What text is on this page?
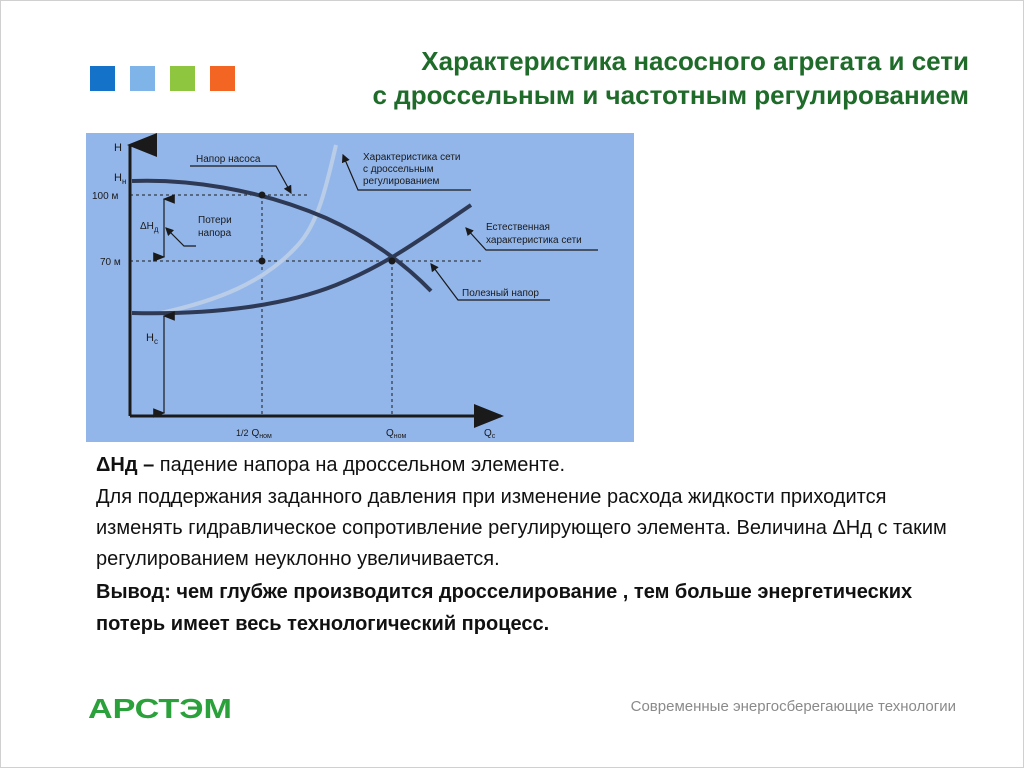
Характеристика насосного агрегата и сети
с дроссельным и частотным регулированием
H
$H_н$
100 м
70 м
$\Delta H_д$
$H_с$
1/2 $Q_{ном}$	$Q_{ном}$	$Q_с$
Напор насоса
Потери напора
Характеристика сети с дроссельным регулированием
Естественная характеристика сети
Полезный напор
ΔНд – падение напора на дроссельном элементе.
Для поддержания заданного давления при изменение расхода жидкости приходится изменять гидравлическое сопротивление регулирующего элемента. Величина ΔНд с таким регулированием неуклонно увеличивается.
Вывод: чем глубже производится дросселирование , тем больше энергетических потерь имеет весь технологический процесс.
АРСТЭМ	Современные энергосберегающие технологии
